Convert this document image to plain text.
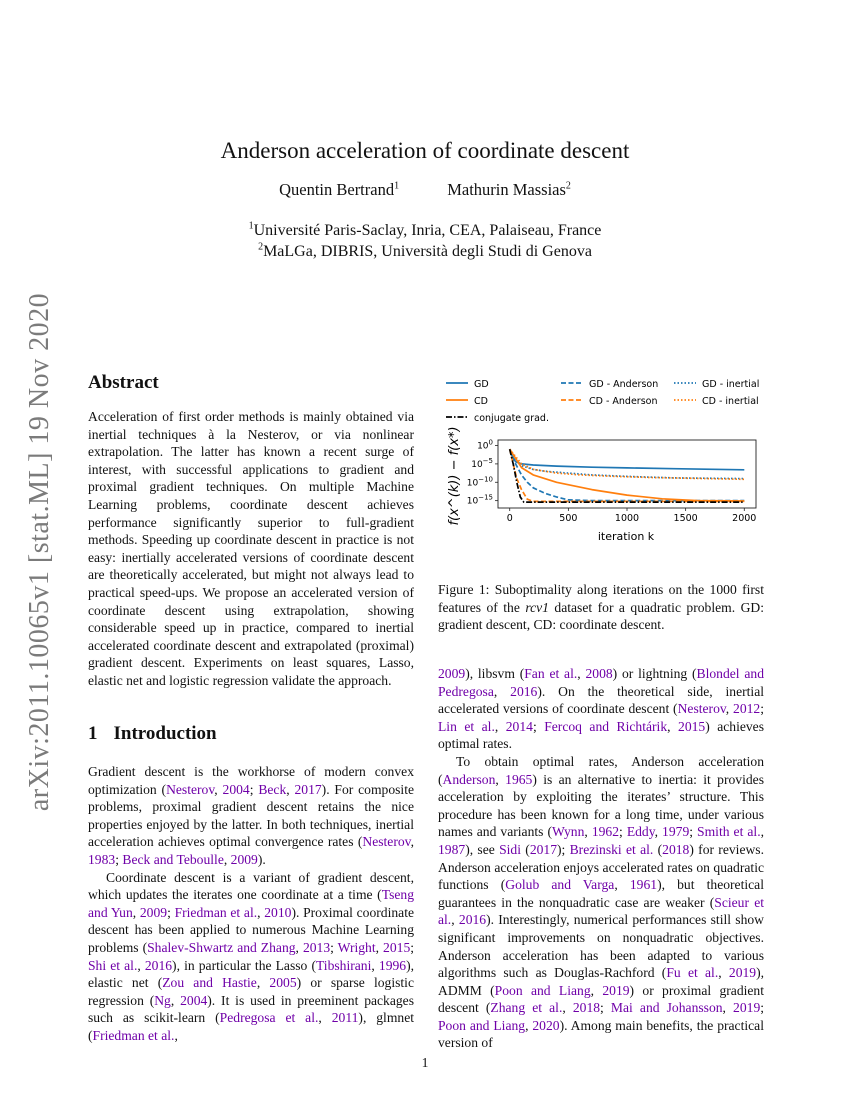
arXiv:2011.10065v1 [stat.ML] 19 Nov 2020
Anderson acceleration of coordinate descent
Quentin Bertrand$^1$	Mathurin Massias$^2$
$^1$Université Paris-Saclay, Inria, CEA, Palaiseau, France
$^2$MaLGa, DIBRIS, Università degli Studi di Genova
Abstract

Acceleration of first order methods is mainly obtained via inertial techniques à la Nesterov, or via nonlinear extrapolation. The latter has known a recent surge of interest, with successful applications to gradient and proximal gradient techniques. On multiple Machine Learning problems, coordinate descent achieves performance significantly superior to full-gradient methods. Speeding up coordinate descent in practice is not easy: inertially accelerated versions of coordinate descent are theoretically accelerated, but might not always lead to practical speed-ups. We propose an accelerated version of coordinate descent using extrapolation, showing considerable speed up in practice, compared to inertial accelerated coordinate descent and extrapolated (proximal) gradient descent. Experiments on least squares, Lasso, elastic net and logistic regression validate the approach.

1 Introduction

Gradient descent is the workhorse of modern convex optimization (Nesterov, 2004; Beck, 2017). For composite problems, proximal gradient descent retains the nice properties enjoyed by the latter. In both techniques, inertial acceleration achieves optimal convergence rates (Nesterov, 1983; Beck and Teboulle, 2009).

Coordinate descent is a variant of gradient descent, which updates the iterates one coordinate at a time (Tseng and Yun, 2009; Friedman et al., 2010). Proximal coordinate descent has been applied to numerous Machine Learning problems (Shalev-Shwartz and Zhang, 2013; Wright, 2015; Shi et al., 2016), in particular the Lasso (Tibshirani, 1996), elastic net (Zou and Hastie, 2005) or sparse logistic regression (Ng, 2004). It is used in preeminent packages such as scikit-learn (Pedregosa et al., 2011), glmnet (Friedman et al.,

2009), libsvm (Fan et al., 2008) or lightning (Blondel and Pedregosa, 2016). On the theoretical side, inertial accelerated versions of coordinate descent (Nesterov, 2012; Lin et al., 2014; Fercoq and Richtárik, 2015) achieves optimal rates.

To obtain optimal rates, Anderson acceleration (Anderson, 1965) is an alternative to inertia: it provides acceleration by exploiting the iterates’ structure. This procedure has been known for a long time, under various names and variants (Wynn, 1962; Eddy, 1979; Smith et al., 1987), see Sidi (2017); Brezinski et al. (2018) for reviews. Anderson acceleration enjoys accelerated rates on quadratic functions (Golub and Varga, 1961), but theoretical guarantees in the nonquadratic case are weaker (Scieur et al., 2016). Interestingly, numerical performances still show significant improvements on nonquadratic objectives. Anderson acceleration has been adapted to various algorithms such as Douglas-Rachford (Fu et al., 2019), ADMM (Poon and Liang, 2019) or proximal gradient descent (Zhang et al., 2018; Mai and Johansson, 2019; Poon and Liang, 2020). Among main benefits, the practical version of

GD	GD - Anderson	GD - inertial
CD	CD - Anderson	CD - inertial
conjugate grad.
f(x^(k)) − f(x*)	0	500	1000	1500	2000
$10^0$
$10^{-5}$
$10^{-10}$
$10^{-15}$
iteration k
Figure 1: Suboptimality along iterations on the 1000 first features of the rcv1 dataset for a quadratic problem. GD: gradient descent, CD: coordinate descent.
1
